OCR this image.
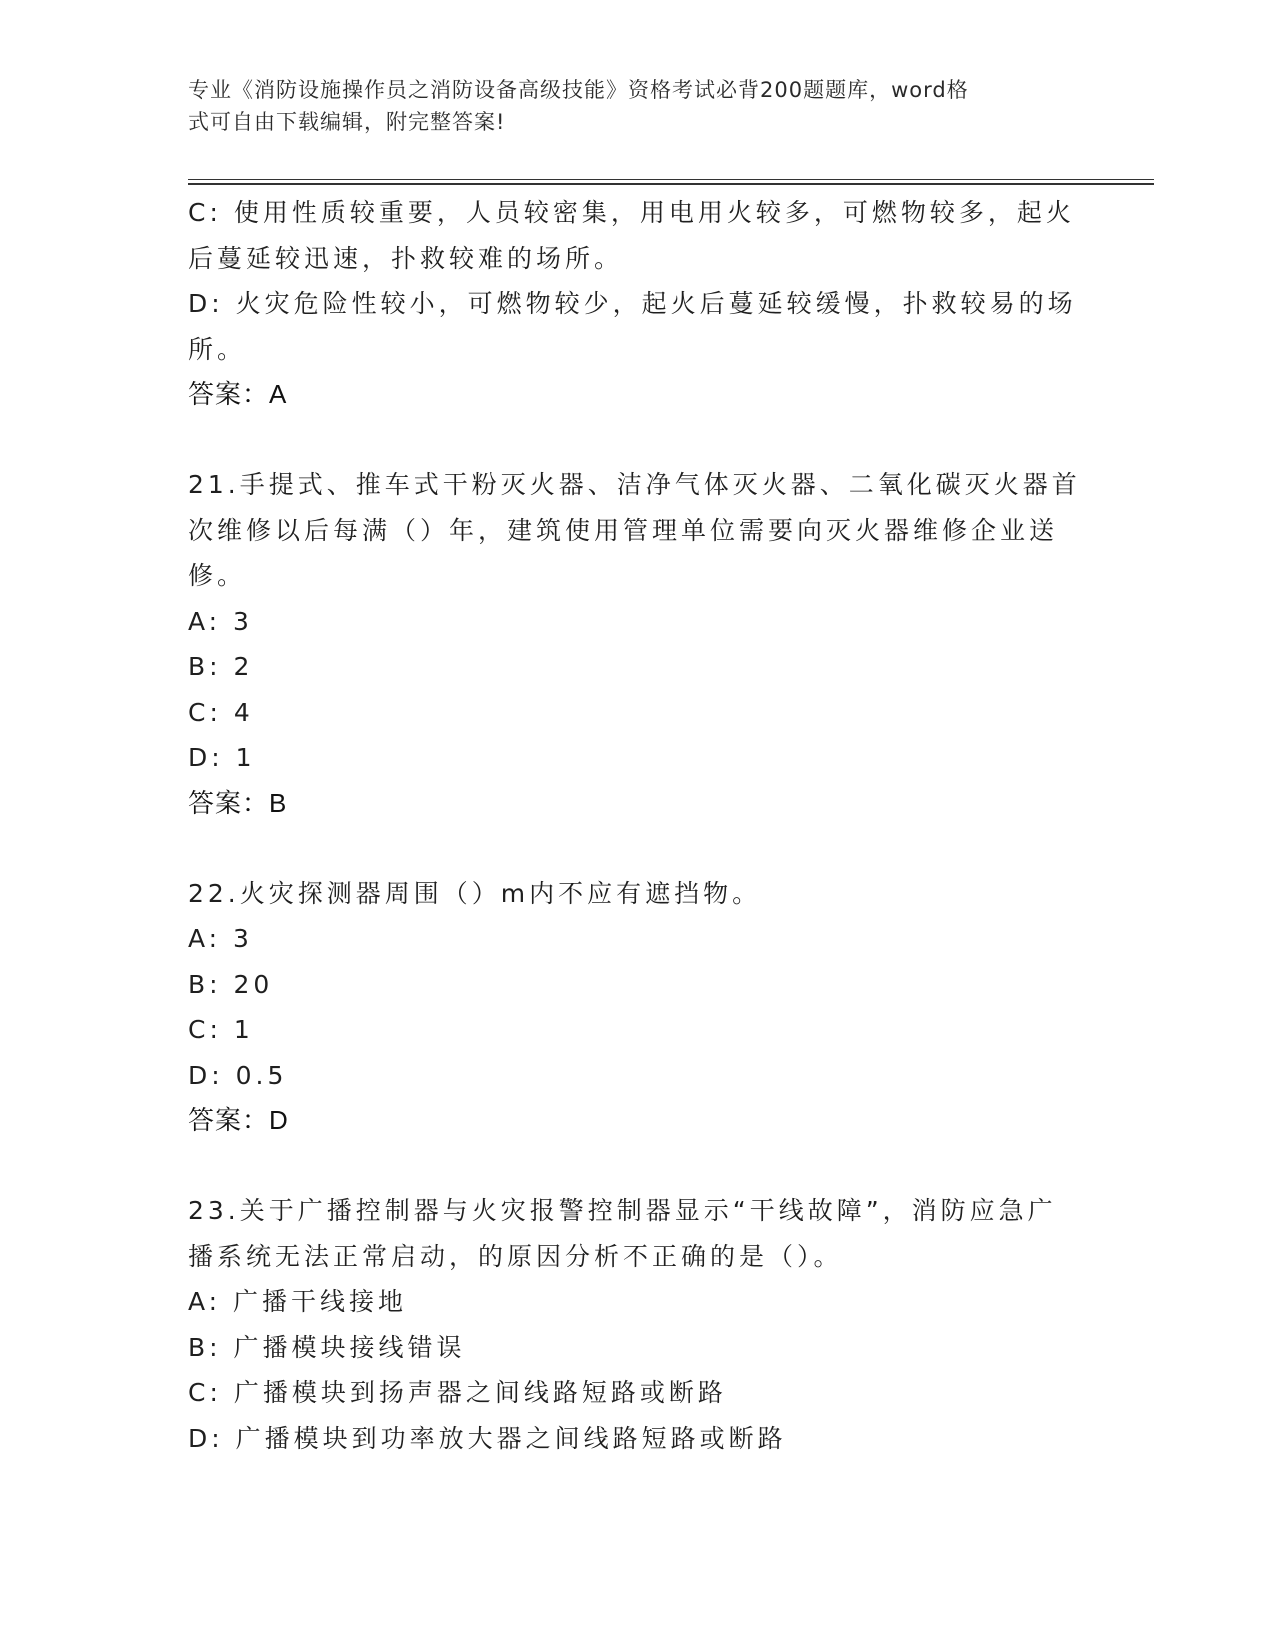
专业《消防设施操作员之消防设备高级技能》资格考试必背200题题库，word格
式可自由下载编辑，附完整答案!
C: 使用性质较重要，人员较密集，用电用火较多，可燃物较多，起火
后蔓延较迅速，扑救较难的场所。
D: 火灾危险性较小，可燃物较少，起火后蔓延较缓慢，扑救较易的场
所。
答案：A
21.手提式、推车式干粉灭火器、洁净气体灭火器、二氧化碳灭火器首
次维修以后每满（）年，建筑使用管理单位需要向灭火器维修企业送
修。
A: 3
B: 2
C: 4
D: 1
答案：B
22.火灾探测器周围（）m内不应有遮挡物。
A: 3
B: 20
C: 1
D: 0.5
答案：D
23.关于广播控制器与火灾报警控制器显示“干线故障”，消防应急广
播系统无法正常启动，的原因分析不正确的是（）。
A: 广播干线接地
B: 广播模块接线错误
C: 广播模块到扬声器之间线路短路或断路
D: 广播模块到功率放大器之间线路短路或断路
